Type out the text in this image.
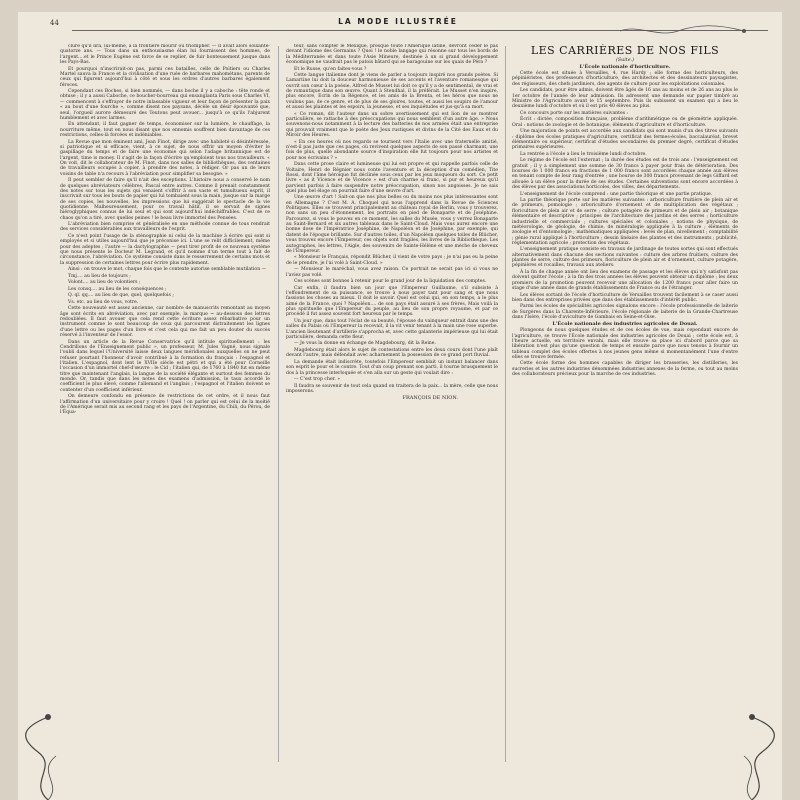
44	LA MODE ILLUSTRÉE

clure qu'il lira, lui-même, à la frontière mourir ou triompher. — Il avait alors soixante-quatorze ans. — Tous dans un enthousiasme élan lui fournissent des hommes, de l'argent....et le Prince Eugène est force de se replier, de fuir honteusement jusque dans les Pays-Bas.

Et pourquoi n'inscrirait-on pas, parmi ces batailles, celle de Poitiers ou Charles Martel sauva la France et la civilisation d'une ruée de barbares mahométans, parents de ceux qui figurent aujourd'hui à côté et sous les ordres d'autres barbares également féroces.

Cependant ces Boches, si bien nommés, — dans boche il y a caboche : tête ronde et obtuse ; il y a aussi Caboche, ce boucher-bourreau qui ensanglanta Paris sous Charles VI, — commencent à s'effrayer de notre inlassable vigueur et leur façon de présenter la paix « au bout d'une fourche », comme disent nos paysans, décèle un désir épouvanté que, seul, l'orgueil aurore démesuré des Teutons peut avouer... jusqu'à ce qu'ils l'abjurent humblement et avec larmes.

En attendant, il faut gagner de temps, économiser sur la lumière, le chauffage, la nourriture même, tout en nous disant que nos ennemis souffrent bien davantage de ces restrictions, celles-là forcées et indéniables.

La Revue que mon éminent ami, Jean Finot, dirige avec une habileté si désintéressée, si patriotique et si efficace, vient, à ce sujet, de nous offrir un moyen d'éviter le gaspillage du temps et de faire une économie qui selon l'adage britannique est de l'argent, time is money. Il s'agit de la façon d'écrire qu'emploient tous nos travailleurs. « On voit, dit le collaborateur de M. Finot, dans nos salles de bibliothèques, des centaines de travailleurs occupés à copier, à prendre des notes, à rédiger. Or pas un de leurs voisins de table n'a recours à l'abréviation pour simplifier sa besogne. »

Il peut sembler de faire qu'il n'ait des exceptions. L'histoire nous a conservé le nom de quelques abréviateurs célèbres, Pascal entre autres. Comme il prenait constamment des notes sur tous les sujets qui venaient s'offrir à son vaste et tumultueux esprit, il inscrivait sur tous les bouts de papier qui lui tombaient sous la main, jusque sur la marge de ses copies, les nouvelles, les impressions que lui suggérait le spectacle de la vie quotidienne. Malheureusement, pour ce travail hâtif, il se servait de signes hiéroglyphiques connus de lui seul et qui sont aujourd'hui indéchiffrables. C'est de ce chaos qu'on a tiré, avec quelles peines ! le beau livre immortel des Pensées.

L'abréviation bien comprise et généralisée en une méthode connue de tous rendrait des services considérables aux travailleurs de l'esprit.

Ce n'est point l'usage de la sténographie ni celui de la machine à écrire qui sont si employés et si utiles aujourd'hui que je préconise ici. L'une se relit difficilement, même pour des adeptes ; l'autre — la dactylographie — peut tirer profit de ce nouveau système que nous présente le Docteur M. Legrand, et qu'il nomme d'un terme tout à fait de circonstance, l'abréviation. Ce système consiste dans le resserrement de certains mots et la suppression de certaines lettres pour écrire plus rapidement.

Ainsi : on trouve le mot, chaque fois que le contexte autorise semblable mutilation —

Tmj.... au lieu de toujours ;

Volont.... au lieu de volontiers ;

Les consq.... au lieu de les conséquences ;

Q. ql. qq.... au lieu de que, quel, quelquefois ;

Vs. etc. au lieu de vous, votre.

Cette nouveauté est assez ancienne, car nombre de manuscrits remontant au moyen âge sont écrits en abréviation, avec par exemple, la marque ~ au-dessous des lettres redoublées. Il faut avouer que cela rend cette écriture assez rébarbative pour un instrument comme le sont beaucoup de ceux qui parcourent distraitement les lignes d'une lettre ou les pages d'un livre et c'est cela qui me fait un peu douter du succès réservé à l'inventeur de l'essor.

Dans un article de la Revue Conservatrice qu'il intitule spirituellement : les Cendrillons de l'Enseignement public », un professeur, M. Jules Vagné, nous signale l'oubli dans lequel l'Université laisse deux langues méridionales auxquelles on ne peut refuser pourtant l'honneur d'avoir contribué à la formation du français : l'espagnol et l'italien. L'espagnol, dont lent le XVIIe siècle est pétri et qui a été pour Corneille l'occasion d'un immortel chef-d'œuvre : le Cid ; l'italien qui, de 1760 à 1840 fut en même titre que maintenant l'anglais, la langue de la société élégante et surtout des femmes du monde. Or, tandis que dans les notes des examens d'admission, le taux accordé le coefficient le plus élevé, comme l'allemand et l'anglais ; l'espagnol et l'italien doivent se contenter d'un coefficient inférieur.

On demeure confondu en présence de restrictions de cet ordre, et il nous faut l'affirmation d'un universitaire pour y croire ! Quel ! on parler qui est celui de la moitié de l'Amérique serait mis au second rang et les pays de l'Argentine, du Chili, du Pérou, de l'Équa-

teur, sans compter le Mexique, presque toute l'Amérique latine, devront céder le pas devant l'idiome des Germains ? Quoi ! le noble langage qui résonne sur tous les bords de la Méditerranée et dans toute l'Asie Mineure, destinée à un si grand développement économique ne vaudrait pas le patois bâtard qui se baragouine sur les quais de Péra ?

Et le Russe, qu'en faites-vous ?

Cette langue italienne dont je viens de parler a toujours inspiré nos grands poètes. Si Lamartine lui doit la douceur harmonieuse de ses accents et l'aventure romanesque qui ouvrit son cœur à la poésie, Alfred de Musset lui doit ce qu'il y a de sentimental, de vrai et de romantique dans son œuvre. Quant à Stendhal, il la préférait. Le Musset n'en inspire, plus encore, Ecrin de la Régence, et les amis de la Brenta, et les héros que nous ne voulons pas, de ce genre, et de plus de ses gloires, toutes, et aussi les soupirs de l'amour et aussi les plaintes et les espoirs, la jeunesse, et ses inquiétudes et jus-qu'à sa mort.

« Ce roman, dit l'auteur dans un sobre avertissement qui est lion de se montrer particulière, se rattache à des préoccupations qui nous semblent d'un autre âge. » Nous souvenons-nous notamment à la lecture des batteries de nos armées était une entreprise qui prouvait vraiment que le poète des Jeux rustiques et divins de la Cité des Eaux et du Miroir des Heures.

« En ces heures où nos regards se tournent vers l'Italie avec une fraternelle amitié, n'est-il pas juste que ces pages, où revivent quelques aspects de son passé charmant, une fois de plus, quelle abondante source d'inspiration elle fut toujours pour nos artistes et pour nos écrivains ? »

Dans cette prose claire et lumineuse qui lui est propre et qui rappelle parfois celle de Voltaire, Henri de Régnier nous conte l'aventure et la déception d'un comédien, Tite Rossi, dont l'âme héroïque fut déclinée sous ceux par les jeux moqueurs du sort. Ce petit livre « as it Vicence et de Vicence » est d'un charme si franc, si pur et heureux qu'il parvient parfois à faire suspendre notre préoccupation, sinon nos angoisses. Je ne sais quel plus bel éloge on pourrait faire d'une œuvre d'art.

Une œuvre d'art ! Sait-on que nos plus belles ou du moins nos plus intéressantes sont en Allemagne ? C'est M. A. Choquel qui nous l'apprend dans la Revue de Sciences Politiques. Elles se trouvent principalement au château royal de Berlin, vous y trouverez, non sans un peu d'étonnement, les portraits en pied de Bonaparte et de Joséphine. Parcourez, si vous le pouvez en ce moment, les salles du Musée, vous y verrez Bonaparte au Saint-Bernard et six autres tableaux dans le Saint-Cloud. Mais vous aurez encore une bonne dose de l'Impératrice Joséphine, de Napoléon et de Joséphine, par exemple, qui datent de l'époque brillante. Sur d'autres toiles, d'un Napoléon quelques toiles de Blücher, vous trouvez encore l'Empereur, ces objets sont fragiles, les livres de la Bibliothèque. Les autographes, les lettres, l'Aigle, des souvenirs de Sainte-Hélène et une mèche de cheveux de l'Empereur.

« Monsieur le Français, répondit Blücher, il vient de votre pays ; je n'ai pas eu la peine de le prendre, je l'ai volé à Saint-Cloud. »

— Monsieur le maréchal, vous avez raison. Ce portrait ne serait pas ici si vous ne l'aviez pas volé.

Ces scènes sont bonnes à retenir pour le grand jour de la liquidation des comptes.

Car enfin, il faudra bien un jour que l'Empereur Guillaume, s'il subsiste à l'effondrement de sa puissance, se trouve à nous payer tant pour sang et que nous fassions les choses au mieux. Il doit le savoir. Quel est celui qui, en son temps, a le plus aimé de la France, quoi ? Napoléon.... de son pays était assuré à ses frères, Mais voilà la plus spirituelle que l'Empereur du peuple, au lieu de son propre royaume, et par ce procédé il fut assez souvent fort heureux par le temps.

Un jour que, dans tout l'éclat de sa beauté, l'épouse du vainqueur entrait dans une des salles du Palais où l'Empereur la recevait, il la vit venir tenant à la main une rose superbe. L'ancien lieutenant d'artillerie s'approcha et, avec cette galanterie impérieuse qui lui était particulière, demanda cette fleur.

— Je vous la donne en échange de Magdebourg, dit la Reine.

Magdebourg était alors le sujet de contestations entre les deux cours dont l'une plaît devant l'autre, mais défendait avec acharnement la possession de ce grand port fluvial.

La demande était indiscrète, toutefois l'Empereur semblait un instant balancer dans son esprit le pour et le contre. Tout d'un coup prenant son parti, il tourne brusquement le dos à la princesse interloquée et s'en alla sur un geste qui voulait dire :

— C'est trop cher. »

Il faudra se souvenir de tout cela quand on traitera de la paix... la mère, celle que nous imposerons.

FRANÇOIS DE NION.

LES CARRIÈRES DE NOS FILS

(Suite.)

L'École nationale d'horticulture.

Cette école est située à Versailles, 4, rue Hardy ; elle forme des horticulteurs, des pépiniéristes, des professeurs d'horticulture, des architectes et des dessinateurs paysagistes, des régisseurs, des chefs jardiniers, des agents de culture pour les exploitations coloniales.

Les candidats, pour être admis, doivent être âgés de 16 ans au moins et de 26 ans au plus le 1er octobre de l'année de leur admission. Ils adressent une demande sur papier timbré au Ministre de l'Agriculture avant le 15 septembre. Puis ils subissent un examen qui a lieu le deuxième lundi d'octobre et où il est pris 40 élèves au plus.

Ce concours porte sur les matières suivantes :

Écrit : dictée, composition française, problème d'arithmétique ou de géométrie appliquée. Oral : notions de zoologie et de botanique, éléments d'agriculture et d'horticulture.

Une majoration de points est accordée aux candidats qui sont munis d'un des titres suivants : diplôme des écoles pratiques d'agriculture, certificat des fermes-écoles, baccalauréat, brevet élémentaire ou supérieur, certificat d'études secondaires du premier degré, certificat d'études primaires supérieures.

La rentrée a l'école a lieu le troisième lundi d'octobre.

Le régime de l'école est l'externat ; la durée des études est de trois ans : l'enseignement est gratuit ; il y a simplement une somme de 30 francs à payer pour frais de détérioration. Des bourses de 1 000 francs en fractions de 1 000 francs sont accordées chaque année aux élèves en tenant compte de leur rang d'entrée ; une bourse de 300 francs provenant de legs Giffard est allouée à un élève pour la durée de ses études. Certaines subventions sont encore accordées à des élèves par des associations horticoles, des villes, des départements.

L'enseignement de l'école comprend : une partie théorique et une partie pratique.

La partie théorique porte sur les matières suivantes : arboriculture fruitière de plein air et de primeurs, pomologie ; arboriculture d'ornement et de multiplication des végétaux ; floriculture de plein air et de serre ; culture potagère de primeurs et de plein air ; botanique élémentaire et descriptive ; principes de l'architecture des jardins et des serres ; horticulture industrielle et commerciale ; cultures spéciales et coloniales ; notions de physique, de météorologie, de géologie, de chimie, de minéralogie appliquée à la culture ; éléments de zoologie et d'entomologie ; mathématiques appliquées : levés de plan, nivellement ; comptabilité ; génie rural appliqué à l'horticulture ; dessin linéaire des plantes et des instruments ; publicité, réglementation agricole ; protection des végétaux.

L'enseignement pratique consiste en travaux de jardinage de toutes sortes qui sont effectués alternativement dans chacune des sections suivantes : culture des arbres fruitiers, culture des plantes de serre, culture des primeurs, floriculture de plein air et d'ornement, culture potagère, pépinières et rocailles, travaux aux ateliers.

À la fin de chaque année ont lieu des examens de passage et les élèves qui n'y satisfont pas doivent quitter l'école ; à la fin des trois années les élèves peuvent obtenir un diplôme ; les deux premiers de la promotion peuvent recevoir une allocation de 1200 francs pour aller faire un stage d'une année dans de grands établissements de France ou de l'étranger.

Les élèves sortant de l'école d'horticulture de Versailles trouvent facilement à se caser aussi bien dans des entreprises privées que dans des établissements d'intérêt public.

Parmi les écoles de spécialités agricoles signalons encore : l'école professionnelle de laiterie de Surgères dans la Charente-Inférieure, l'école régionale de laiterie de la Grande-Chartreuse dans l'Isère, l'école d'aviculture de Gambais en Seine-et-Oise.

L'École nationale des industries agricoles de Douai.

Plongeons de nous quelques études et de ces écoles de vue, mais cependant encore de l'agriculture, se trouve l'École nationale des industries agricoles de Douai ; cette école est, à l'heure actuelle, en territoire envahi, mais elle trouve sa place ici d'abord parce que sa libération n'est plus qu'une question de temps et ensuite parce que nous tenons à fournir un tableau complet des écoles offertes à nos jeunes gens même si momentanément l'une d'entre elles se trouve fermée.

Cette école forme des hommes capables de diriger les brasseries, les distilleries, les sucreries et les autres industries dénommées industries annexes de la ferme, ou tout au moins des collaborateurs précieux pour la marche de ces industries.
